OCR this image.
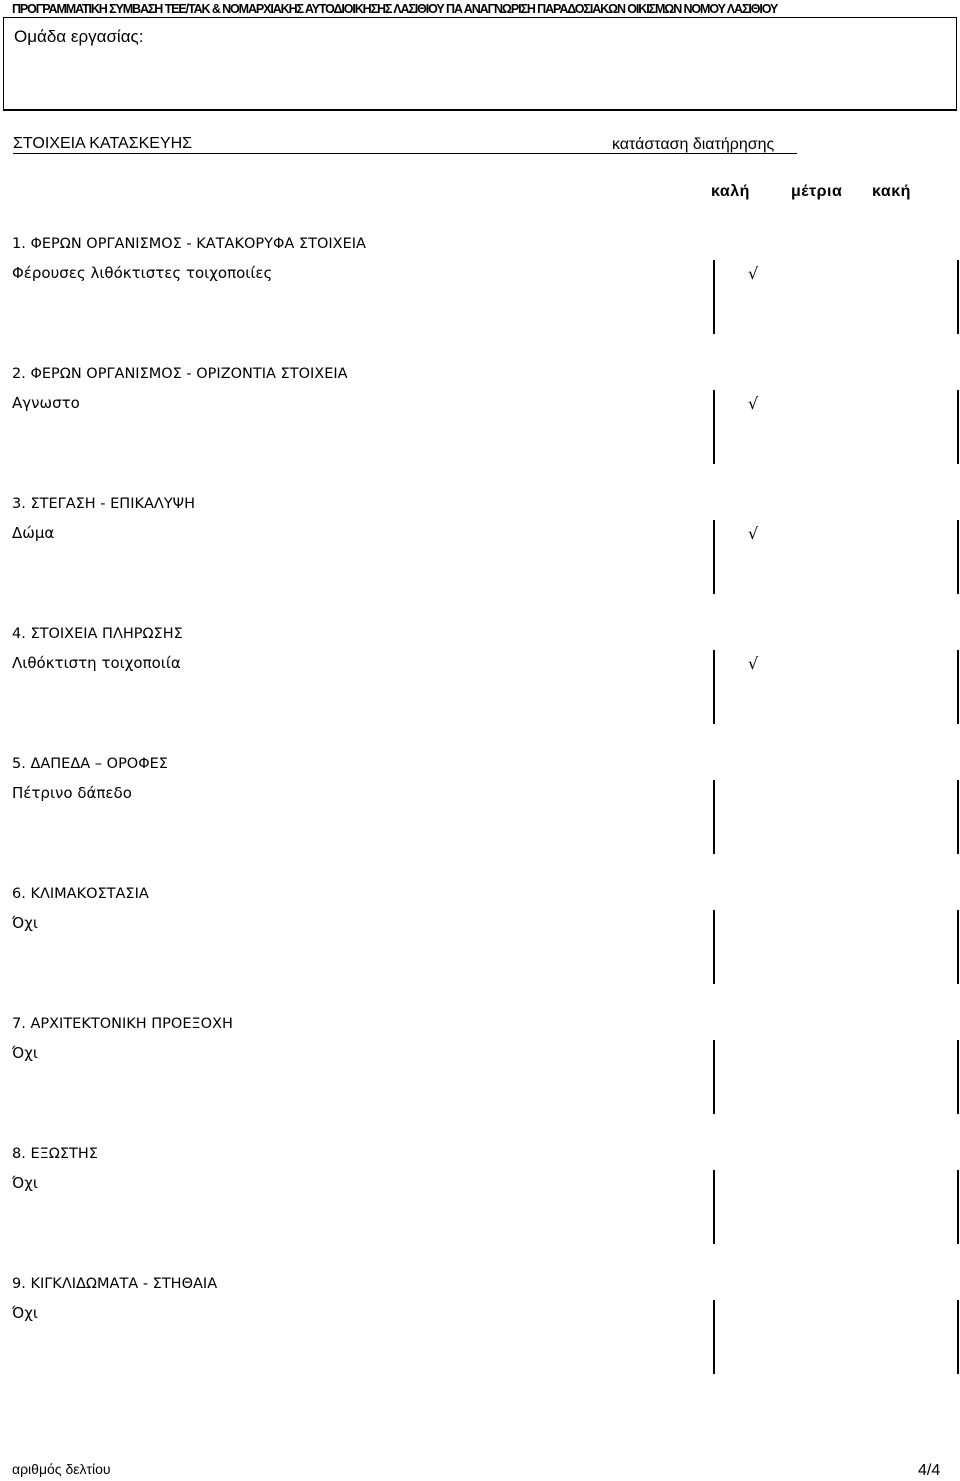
ΠΡΟΓΡΑΜΜΑΤΙΚΗ ΣΥΜΒΑΣΗ ΤΕΕ/ΤΑΚ & ΝΟΜΑΡΧΙΑΚΗΣ ΑΥΤΟΔΙΟΙΚΗΣΗΣ ΛΑΣΙΘΙΟΥ ΠΑ ΑΝΑΓΝΩΡΙΣΗ ΠΑΡΑΔΟΣΙΑΚΩΝ ΟΙΚΙΣΜΩΝ ΝΟΜΟΥ ΛΑΣΙΘΙΟΥ
Ομάδα εργασίας:
ΣΤΟΙΧΕΙΑ ΚΑΤΑΣΚΕΥΗΣ	κατάσταση διατήρησης
καλή	μέτρια κακή
1. ΦΕΡΩΝ ΟΡΓΑΝΙΣΜΟΣ - ΚΑΤΑΚΟΡΥΦΑ ΣΤΟΙΧΕΙΑ
Φέρουσες λιθόκτιστες τοιχοποιίες	√
2. ΦΕΡΩΝ ΟΡΓΑΝΙΣΜΟΣ - ΟΡΙΖΟΝΤΙΑ ΣΤΟΙΧΕΙΑ
Αγνωστο	√
3. ΣΤΕΓΑΣΗ - ΕΠΙΚΑΛΥΨΗ
Δώμα	√
4. ΣΤΟΙΧΕΙΑ ΠΛΗΡΩΣΗΣ
Λιθόκτιστη τοιχοποιία	√
5. ΔΑΠΕΔΑ – ΟΡΟΦΕΣ
Πέτρινο δάπεδο
6. ΚΛΙΜΑΚΟΣΤΑΣΙΑ
Όχι
7. ΑΡΧΙΤΕΚΤΟΝΙΚΗ ΠΡΟΕΞΟΧΗ
Όχι
8. ΕΞΩΣΤΗΣ
Όχι
9. ΚΙΓΚΛΙΔΩΜΑΤΑ - ΣΤΗΘΑΙΑ
Όχι
αριθμός δελτίου	4/4
